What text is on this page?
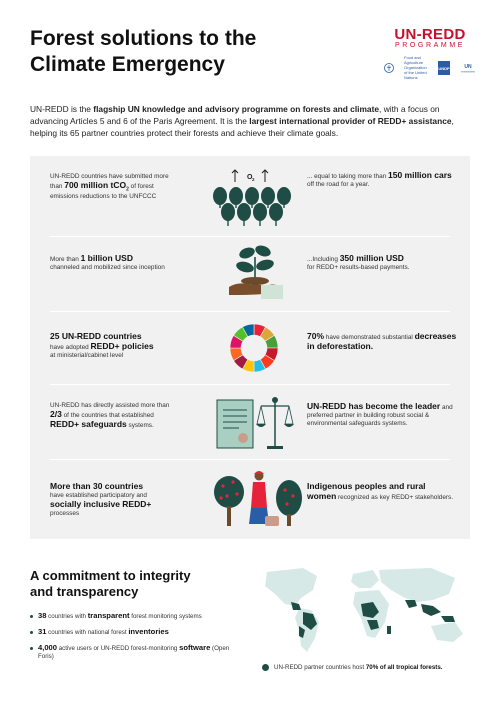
Forest solutions to the
Climate Emergency
UN-REDD
PROGRAMME
Food and Agriculture Organization of the United Nations
UNDP	UN
environment

UN-REDD is the flagship UN knowledge and advisory programme on forests and climate, with a focus on advancing Articles 5 and 6 of the Paris Agreement. It is the largest international provider of REDD+ assistance, helping its 65 partner countries protect their forests and achieve their climate goals.

UN-REDD countries have submitted more than 700 million tCO$_2$ of forest emissions reductions to the UNFCCC
O 2	... equal to taking more than 150 million cars off the road for a year.
More than 1 billion USD
channeled and mobilized since inception
...Including 350 million USD
for REDD+ results-based payments.
25 UN-REDD countries
have adopted REDD+ policies
at ministerial/cabinet level
70% have demonstrated substantial decreases in deforestation.
UN-REDD has directly assisted more than 2/3 of the countries that established REDD+ safeguards systems.
UN-REDD has become the leader and preferred partner in building robust social & environmental safeguards systems.
More than 30 countries
have established participatory and socially inclusive REDD+
processes
Indigenous peoples and rural women recognized as key REDD+ stakeholders.
A commitment to integrity
and transparency
38 countries with transparent forest monitoring systems
31 countries with national forest inventories
4,000 active users or UN-REDD forest-monitoring software (Open Foris)
UN-REDD partner countries host 70% of all tropical forests.
